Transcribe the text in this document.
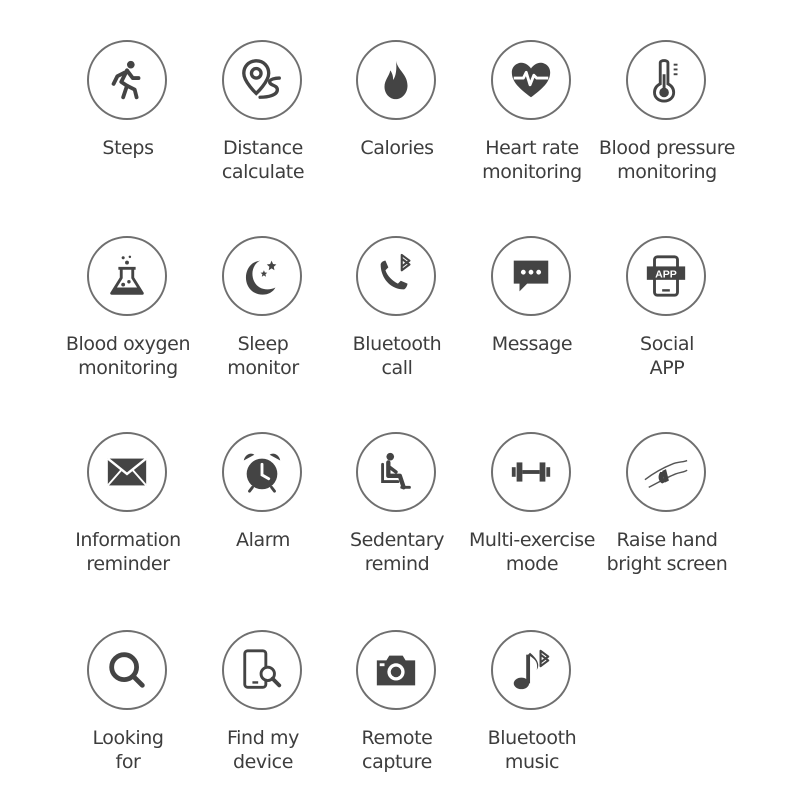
Steps	Distance
calculate
Calories	Heart rate
monitoring
Blood pressure
monitoring
Blood oxygen
monitoring
Sleep
monitor
Bluetooth
call
Message
APP
Social
APP
Information
reminder
Alarm	Sedentary
remind
Multi-exercise
mode
Raise hand
bright screen
Looking
for
Find my
device
Remote
capture
Bluetooth
music
